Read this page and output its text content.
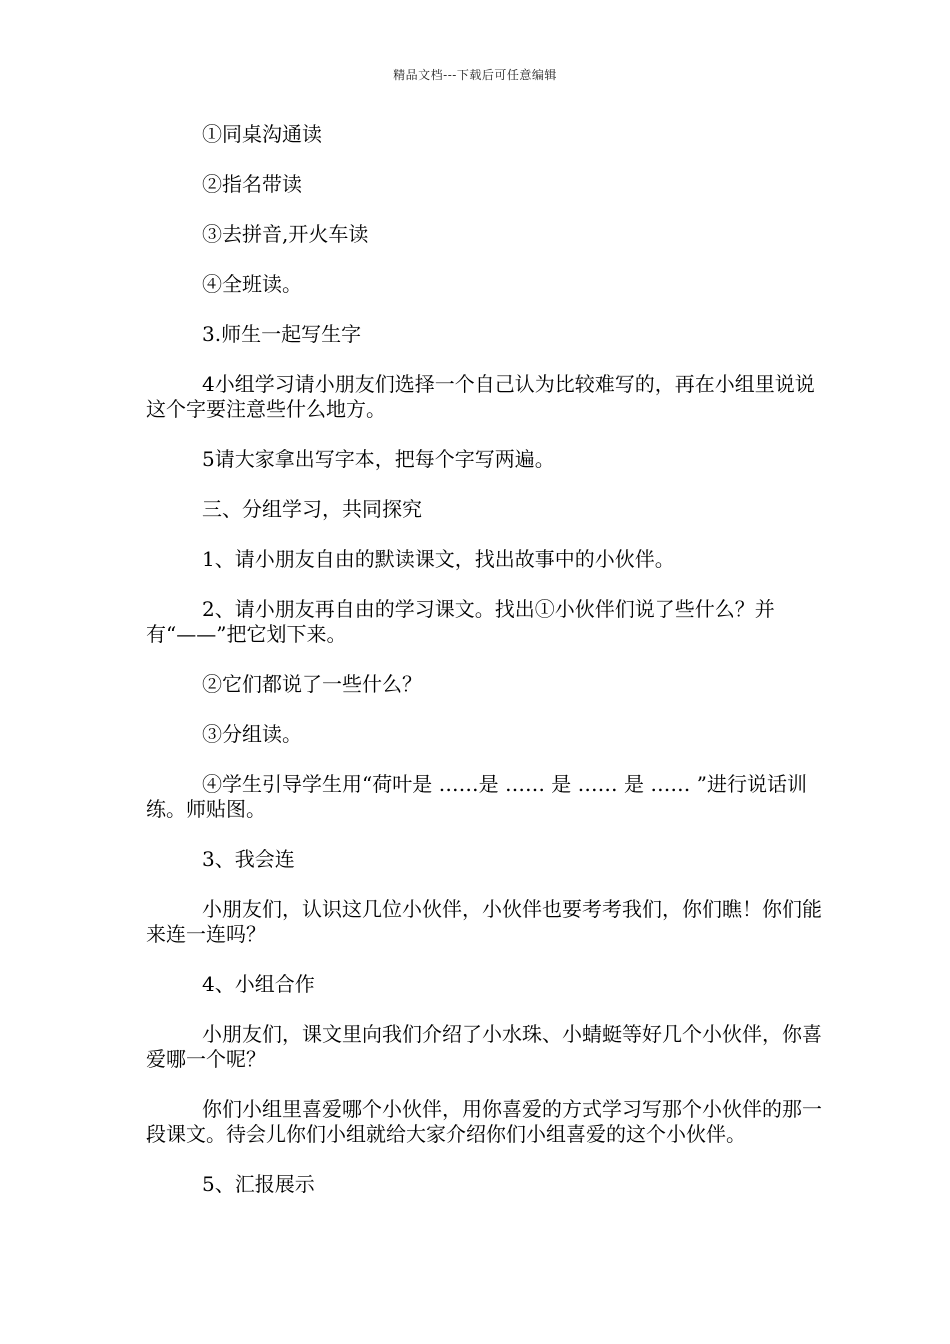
精品文档---下载后可任意编辑

①同桌沟通读

②指名带读

③去拼音,开火车读

④全班读。

3.师生一起写生字

4小组学习请小朋友们选择一个自己认为比较难写的，再在小组里说说这个字要注意些什么地方。

5请大家拿出写字本，把每个字写两遍。

三、分组学习，共同探究

1、请小朋友自由的默读课文，找出故事中的小伙伴。

2、请小朋友再自由的学习课文。找出①小伙伴们说了些什么？并有“——”把它划下来。

②它们都说了一些什么？

③分组读。

④学生引导学生用“荷叶是 ……是 …… 是 …… 是 …… ”进行说话训练。师贴图。

3、我会连

小朋友们，认识这几位小伙伴，小伙伴也要考考我们，你们瞧！你们能来连一连吗？

4、小组合作

小朋友们，课文里向我们介绍了小水珠、小蜻蜓等好几个小伙伴，你喜爱哪一个呢？

你们小组里喜爱哪个小伙伴，用你喜爱的方式学习写那个小伙伴的那一段课文。待会儿你们小组就给大家介绍你们小组喜爱的这个小伙伴。

5、汇报展示
